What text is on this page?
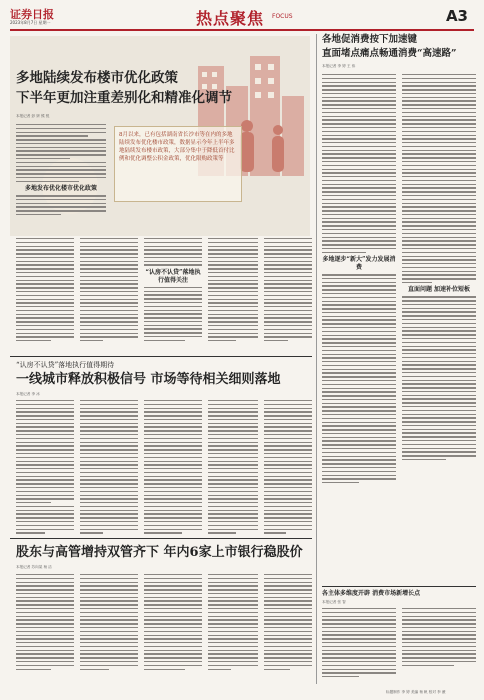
证券日报
2023年8月7日 星期一	热点聚焦 FOCUS	A3
多地陆续发布楼市优化政策
下半年更加注重差别化和精准化调节
本报记者 彭 妍 熊 悦

8月以来，已有包括湖南省长沙市等在内的多地陆续发布优化楼市政策，数据显示今年上半年多地陆续发布楼市政策，大部分集中于降低首付比例和优化调整公积金政策，优化限购政策等

多地发布优化楼市优化政策
“认房不认贷”落地执行值得关注
“认房不认贷”落地执行值得期待
一线城市释放积极信号 市场等待相关细则落地
本报记者 李 冰
股东与高管增持双管齐下 年内6家上市银行稳股价
本报记者 苏向杲 杨 洁
各地促消费按下加速键
直面堵点痛点畅通消费“高速路”
本报记者 李 婷 王 伟
多地逐步“新大”发力发展消费
直面问题 加速补位短板
各主体多维度开辟 消费市场新增长点
本报记者 张 智
标题制作 李 婷 美编 杨 帆 校对 李 薇
